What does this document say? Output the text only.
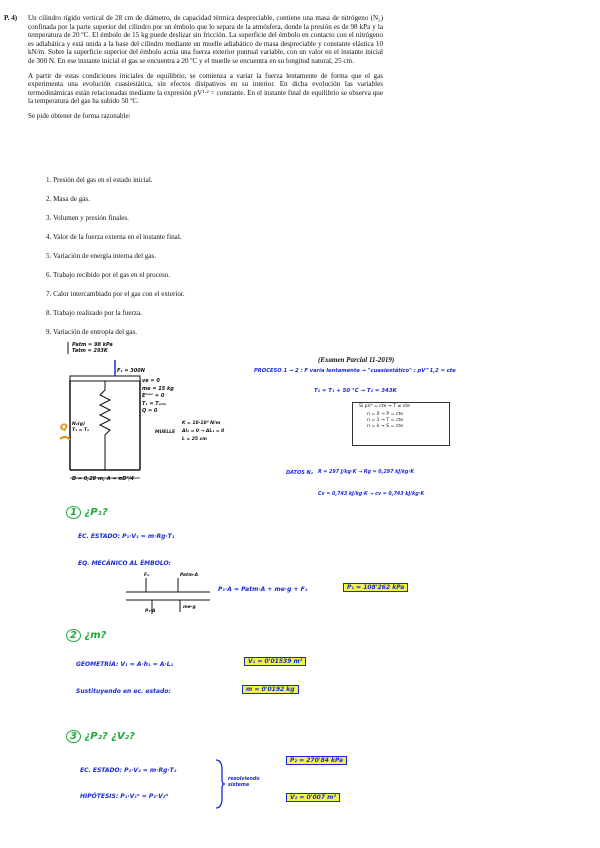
P. 4) Un cilindro rígido vertical de 28 cm de diámetro, de capacidad térmica despreciable, contiene una masa de nitrógeno (N₂) confinada por la parte superior del cilindro por un émbolo que lo separa de la atmósfera, donde la presión es de 98 kPa y la temperatura de 20 ºC. El émbolo de 15 kg puede deslizar sin fricción. La superficie del émbolo en contacto con el nitrógeno es adiabática y está unida a la base del cilindro mediante un muelle adiabático de masa despreciable y constante elástica 10 kN/m. Sobre la superficie superior del émbolo actúa una fuerza exterior puntual variable, con un valor en el instante inicial de 300 N. En ese instante inicial el gas se encuentra a 20 ºC y el muelle se encuentra en su longitud natural, 25 cm.

A partir de estas condiciones iniciales de equilibrio, se comienza a variar la fuerza lentamente de forma que el gas experimenta una evolución cuasiestática, sin efectos disipativos en su interior. En dicha evolución las variables termodinámicas están relacionadas mediante la expresión pV¹·² = constante. En el instante final de equilibrio se observa que la temperatura del gas ha subido 50 ºC.

Se pide obtener de forma razonable:

1. Presión del gas en el estado inicial.
2. Masa de gas.
3. Volumen y presión finales.
4. Valor de la fuerza externa en el instante final.
5. Variación de energía interna del gas.
6. Trabajo recibido por el gas en el proceso.
7. Calor intercambiado por el gas con el exterior.
8. Trabajo realizado por la fuerza.
9. Variación de entropía del gas.
Patm = 98 kPa
Tatm = 293K
F₁ = 300N
ve = 0
me = 15 kg
Eᵐᵉᶜ = 0
T₁ = Tₐₜₘ
Q = 0
N₂(g)
T₁ = Tₐ
Q	MUELLE
K = 10·10³ N/m
Δl₁ = 0 → ΔL₁ = 0
L = 25 cm
D = 0,28 m, A = πD²/4
(Examen Parcial 11-2019)
PROCESO 1 → 2 : F varía lentamente → "cuasiestático" : pV^1,2 = cte
T₂ = T₁ + 50 °C → T₂ = 343K
Si pVⁿ = cte → T ≠ cte
n = 0 → P = cte
n = 1 → T = cte
n = k → S = cte
DATOS N₂ R = 297 J/kg·K → Rg = 0,297 kJ/kg·K
Cv = 0,743 kJ/kg·K → cv = 0,743 kJ/kg·K
1 ¿P₁?
EC. ESTADO: P₁·V₁ = m·Rg·T₁
EQ. MECÁNICO AL ÉMBOLO:
Fₑ	Patm·A
P₁·A
me·g
P₁·A = Patm·A + me·g + F₁	P₁ = 108'262 kPa
2 ¿m?
GEOMETRÍA: V₁ = A·h₁ = A·L₁	V₁ = 0'01539 m³
Sustituyendo en ec. estado:	m = 0'0192 kg
3 ¿P₂? ¿V₂?
EC. ESTADO: P₂·V₂ = m·Rg·T₂
HIPÓTESIS: P₁·V₁ⁿ = P₂·V₂ⁿ
resolviendo sistema
P₂ = 270'84 kPa
V₂ = 0'007 m³
